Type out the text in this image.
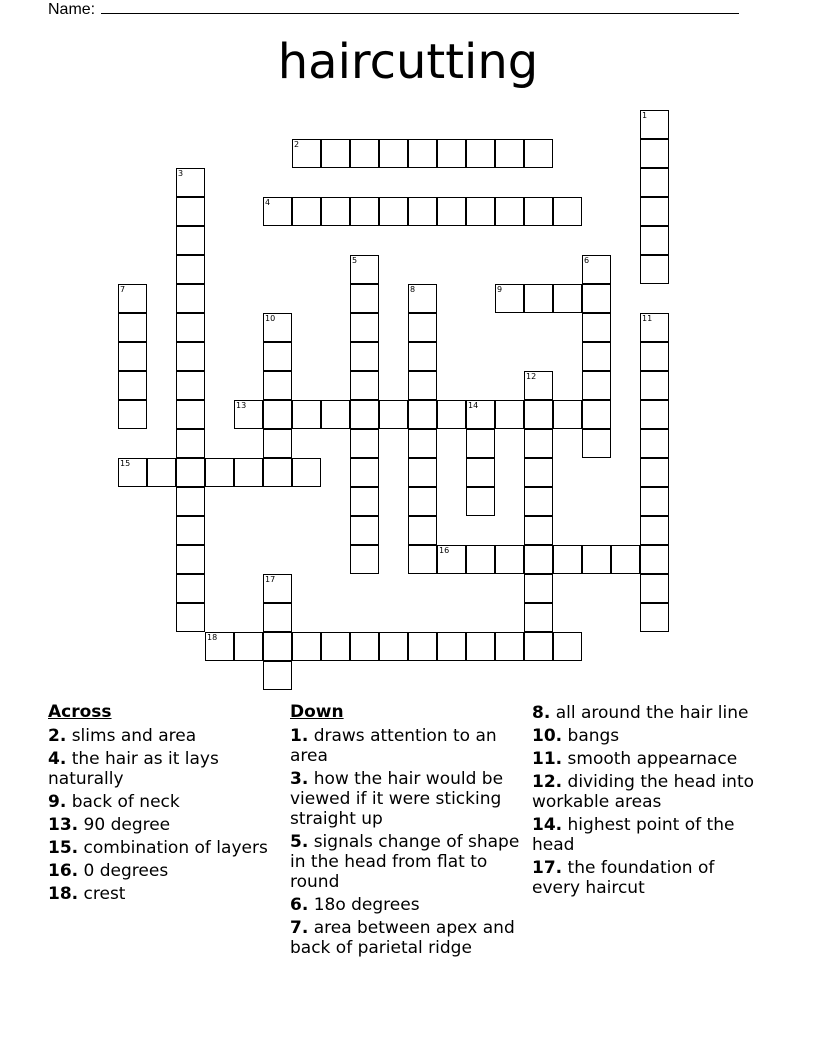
Name:
haircutting
1
2
3
4
5	6
7	8	9
10	11
12
13	14
15
16
17
18
Across
2. slims and area
4. the hair as it lays naturally
9. back of neck
13. 90 degree
15. combination of layers
16. 0 degrees
18. crest
Down
1. draws attention to an area
3. how the hair would be viewed if it were sticking straight up
5. signals change of shape in the head from flat to round
6. 18o degrees
7. area between apex and back of parietal ridge
8. all around the hair line
10. bangs
11. smooth appearnace
12. dividing the head into workable areas
14. highest point of the head
17. the foundation of every haircut
